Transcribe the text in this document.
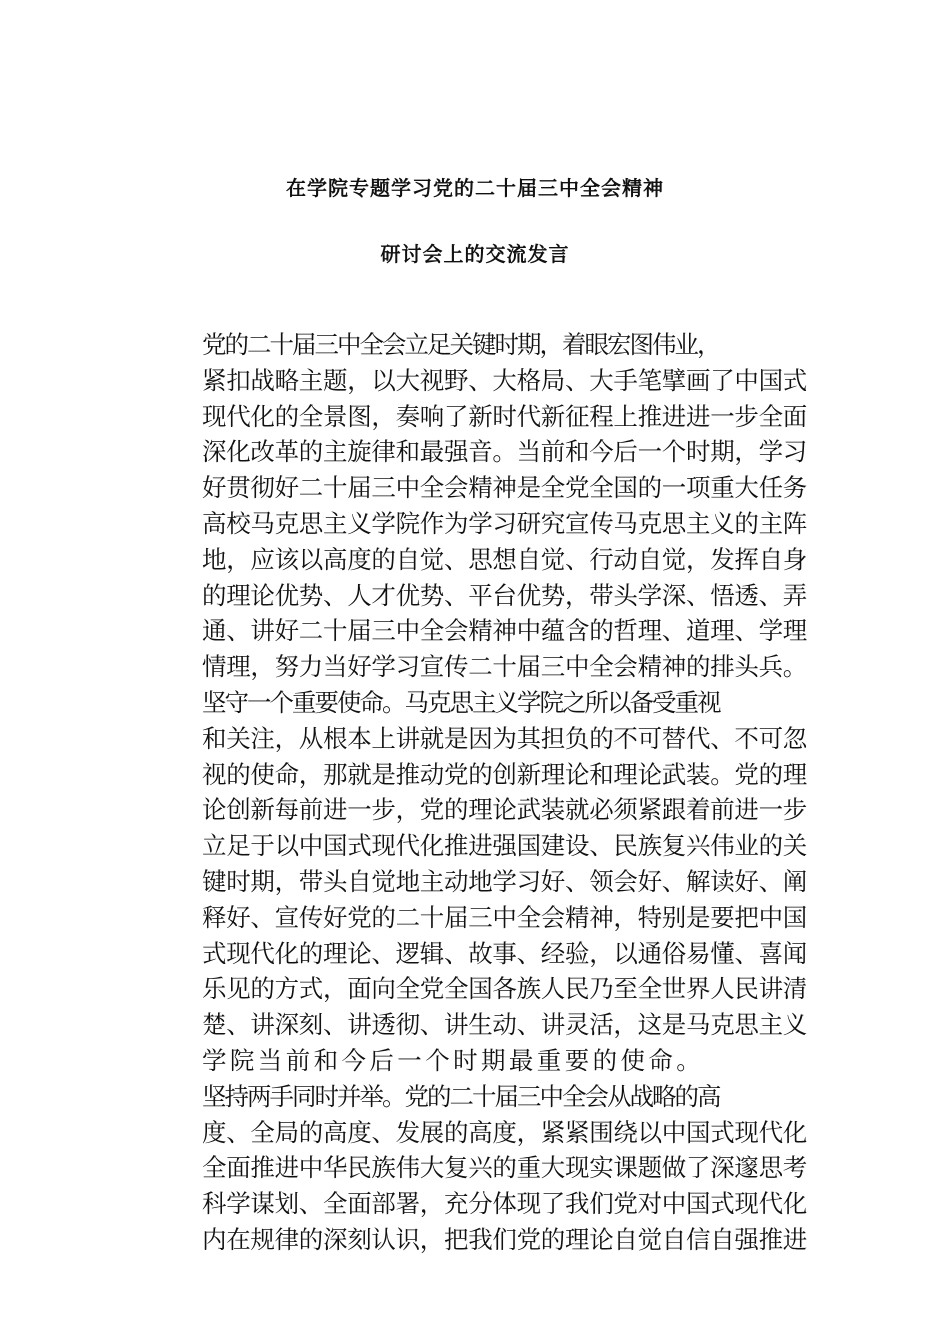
在学院专题学习党的二十届三中全会精神
研讨会上的交流发言

党的二十届三中全会立足关键时期，着眼宏图伟业，
紧扣战略主题，以大视野、大格局、大手笔擘画了中国式
现代化的全景图，奏响了新时代新征程上推进进一步全面
深化改革的主旋律和最强音。当前和今后一个时期，学习
好贯彻好二十届三中全会精神是全党全国的一项重大任务
高校马克思主义学院作为学习研究宣传马克思主义的主阵
地，应该以高度的自觉、思想自觉、行动自觉，发挥自身
的理论优势、人才优势、平台优势，带头学深、悟透、弄
通、讲好二十届三中全会精神中蕴含的哲理、道理、学理
情理，努力当好学习宣传二十届三中全会精神的排头兵。

坚守一个重要使命。马克思主义学院之所以备受重视
和关注，从根本上讲就是因为其担负的不可替代、不可忽
视的使命，那就是推动党的创新理论和理论武装。党的理
论创新每前进一步，党的理论武装就必须紧跟着前进一步
立足于以中国式现代化推进强国建设、民族复兴伟业的关
键时期，带头自觉地主动地学习好、领会好、解读好、阐
释好、宣传好党的二十届三中全会精神，特别是要把中国
式现代化的理论、逻辑、故事、经验，以通俗易懂、喜闻
乐见的方式，面向全党全国各族人民乃至全世界人民讲清
楚、讲深刻、讲透彻、讲生动、讲灵活，这是马克思主义
学院当前和今后一个时期最重要的使命。

坚持两手同时并举。党的二十届三中全会从战略的高
度、全局的高度、发展的高度，紧紧围绕以中国式现代化
全面推进中华民族伟大复兴的重大现实课题做了深邃思考
科学谋划、全面部署，充分体现了我们党对中国式现代化
内在规律的深刻认识，把我们党的理论自觉自信自强推进
